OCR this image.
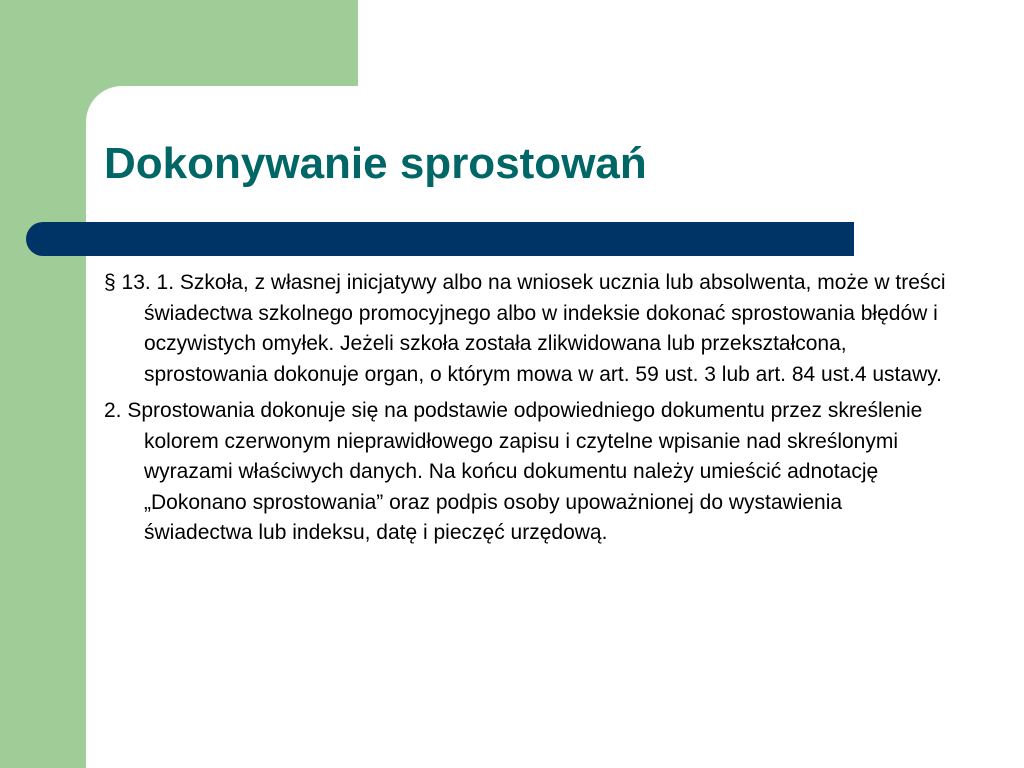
Dokonywanie sprostowań

§ 13. 1. Szkoła, z własnej inicjatywy albo na wniosek ucznia lub absolwenta, może w treści świadectwa szkolnego promocyjnego albo w indeksie dokonać sprostowania błędów i oczywistych omyłek. Jeżeli szkoła została zlikwidowana lub przekształcona, sprostowania dokonuje organ, o którym mowa w art. 59 ust. 3 lub art. 84 ust.4 ustawy.

2. Sprostowania dokonuje się na podstawie odpowiedniego dokumentu przez skreślenie kolorem czerwonym nieprawidłowego zapisu i czytelne wpisanie nad skreślonymi wyrazami właściwych danych. Na końcu dokumentu należy umieścić adnotację „Dokonano sprostowania” oraz podpis osoby upoważnionej do wystawienia świadectwa lub indeksu, datę i pieczęć urzędową.
